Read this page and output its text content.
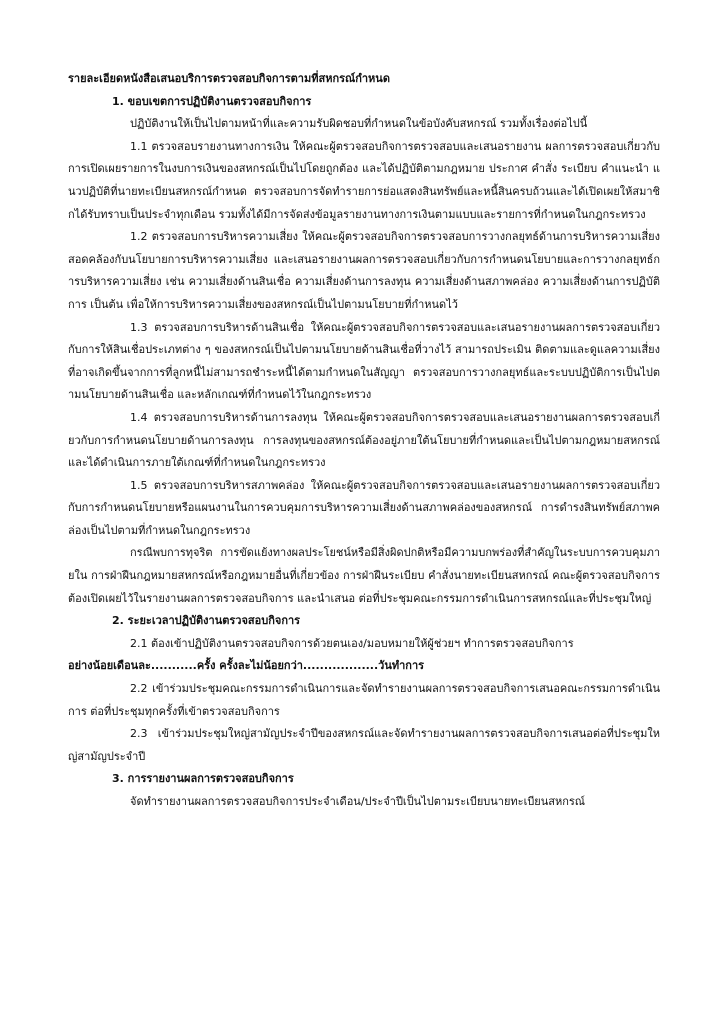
รายละเอียดหนังสือเสนอบริการตรวจสอบกิจการตามที่สหกรณ์กำหนด

1. ขอบเขตการปฏิบัติงานตรวจสอบกิจการ

ปฏิบัติงานให้เป็นไปตามหน้าที่และความรับผิดชอบที่กำหนดในข้อบังคับสหกรณ์ รวมทั้งเรื่องต่อไปนี้

1.1 ตรวจสอบรายงานทางการเงิน ให้คณะผู้ตรวจสอบกิจการตรวจสอบและเสนอรายงาน ผลการตรวจสอบเกี่ยวกับการเปิดเผยรายการในงบการเงินของสหกรณ์เป็นไปโดยถูกต้อง และได้ปฏิบัติตามกฎหมาย ประกาศ คำสั่ง ระเบียบ คำแนะนำ แนวปฏิบัติที่นายทะเบียนสหกรณ์กำหนด ตรวจสอบการจัดทำรายการย่อแสดงสินทรัพย์และหนี้สินครบถ้วนและได้เปิดเผยให้สมาชิกได้รับทราบเป็นประจำทุกเดือน รวมทั้งได้มีการจัดส่งข้อมูลรายงานทางการเงินตามแบบและรายการที่กำหนดในกฎกระทรวง

1.2 ตรวจสอบการบริหารความเสี่ยง ให้คณะผู้ตรวจสอบกิจการตรวจสอบการวางกลยุทธ์ด้านการบริหารความเสี่ยงสอดคล้องกับนโยบายการบริหารความเสี่ยง และเสนอรายงานผลการตรวจสอบเกี่ยวกับการกำหนดนโยบายและการวางกลยุทธ์การบริหารความเสี่ยง เช่น ความเสี่ยงด้านสินเชื่อ ความเสี่ยงด้านการลงทุน ความเสี่ยงด้านสภาพคล่อง ความเสี่ยงด้านการปฏิบัติการ เป็นต้น เพื่อให้การบริหารความเสี่ยงของสหกรณ์เป็นไปตามนโยบายที่กำหนดไว้

1.3 ตรวจสอบการบริหารด้านสินเชื่อ ให้คณะผู้ตรวจสอบกิจการตรวจสอบและเสนอรายงานผลการตรวจสอบเกี่ยวกับการให้สินเชื่อประเภทต่าง ๆ ของสหกรณ์เป็นไปตามนโยบายด้านสินเชื่อที่วางไว้ สามารถประเมิน ติดตามและดูแลความเสี่ยงที่อาจเกิดขึ้นจากการที่ลูกหนี้ไม่สามารถชำระหนี้ได้ตามกำหนดในสัญญา ตรวจสอบการวางกลยุทธ์และระบบปฏิบัติการเป็นไปตามนโยบายด้านสินเชื่อ และหลักเกณฑ์ที่กำหนดไว้ในกฎกระทรวง

1.4 ตรวจสอบการบริหารด้านการลงทุน ให้คณะผู้ตรวจสอบกิจการตรวจสอบและเสนอรายงานผลการตรวจสอบเกี่ยวกับการกำหนดนโยบายด้านการลงทุน การลงทุนของสหกรณ์ต้องอยู่ภายใต้นโยบายที่กำหนดและเป็นไปตามกฎหมายสหกรณ์ และได้ดำเนินการภายใต้เกณฑ์ที่กำหนดในกฎกระทรวง

1.5 ตรวจสอบการบริหารสภาพคล่อง ให้คณะผู้ตรวจสอบกิจการตรวจสอบและเสนอรายงานผลการตรวจสอบเกี่ยวกับการกำหนดนโยบายหรือแผนงานในการควบคุมการบริหารความเสี่ยงด้านสภาพคล่องของสหกรณ์ การดำรงสินทรัพย์สภาพคล่องเป็นไปตามที่กำหนดในกฎกระทรวง

กรณีพบการทุจริต การขัดแย้งทางผลประโยชน์หรือมีสิ่งผิดปกติหรือมีความบกพร่องที่สำคัญในระบบการควบคุมภายใน การฝ่าฝืนกฎหมายสหกรณ์หรือกฎหมายอื่นที่เกี่ยวข้อง การฝ่าฝืนระเบียบ คำสั่งนายทะเบียนสหกรณ์ คณะผู้ตรวจสอบกิจการต้องเปิดเผยไว้ในรายงานผลการตรวจสอบกิจการ และนำเสนอ ต่อที่ประชุมคณะกรรมการดำเนินการสหกรณ์และที่ประชุมใหญ่

2. ระยะเวลาปฏิบัติงานตรวจสอบกิจการ

2.1 ต้องเข้าปฏิบัติงานตรวจสอบกิจการด้วยตนเอง/มอบหมายให้ผู้ช่วยฯ ทำการตรวจสอบกิจการ

อย่างน้อยเดือนละ...........ครั้ง ครั้งละไม่น้อยกว่า..................วันทำการ

2.2 เข้าร่วมประชุมคณะกรรมการดำเนินการและจัดทำรายงานผลการตรวจสอบกิจการเสนอคณะกรรมการดำเนินการ ต่อที่ประชุมทุกครั้งที่เข้าตรวจสอบกิจการ

2.3 เข้าร่วมประชุมใหญ่สามัญประจำปีของสหกรณ์และจัดทำรายงานผลการตรวจสอบกิจการเสนอต่อที่ประชุมใหญ่สามัญประจำปี

3. การรายงานผลการตรวจสอบกิจการ

จัดทำรายงานผลการตรวจสอบกิจการประจำเดือน/ประจำปีเป็นไปตามระเบียบนายทะเบียนสหกรณ์
